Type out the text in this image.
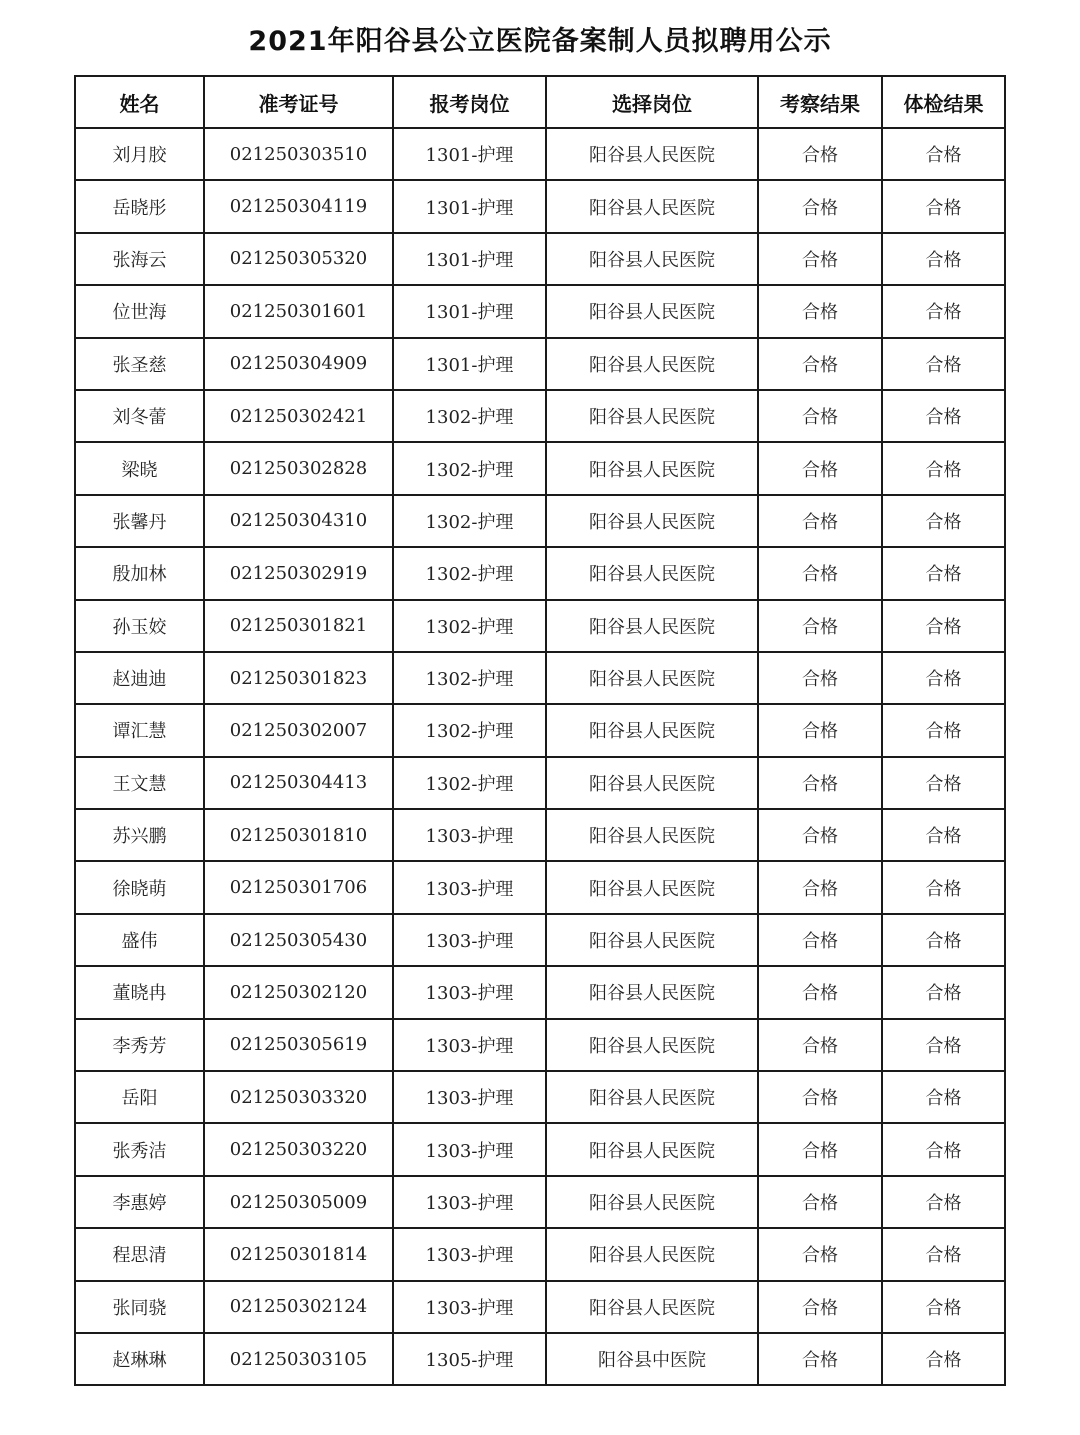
2021年阳谷县公立医院备案制人员拟聘用公示
姓名	准考证号	报考岗位	选择岗位	考察结果	体检结果
刘月胶	021250303510	1301-护理	阳谷县人民医院	合格	合格
岳晓彤	021250304119	1301-护理	阳谷县人民医院	合格	合格
张海云	021250305320	1301-护理	阳谷县人民医院	合格	合格
位世海	021250301601	1301-护理	阳谷县人民医院	合格	合格
张圣慈	021250304909	1301-护理	阳谷县人民医院	合格	合格
刘冬蕾	021250302421	1302-护理	阳谷县人民医院	合格	合格
梁晓	021250302828	1302-护理	阳谷县人民医院	合格	合格
张馨丹	021250304310	1302-护理	阳谷县人民医院	合格	合格
殷加林	021250302919	1302-护理	阳谷县人民医院	合格	合格
孙玉姣	021250301821	1302-护理	阳谷县人民医院	合格	合格
赵迪迪	021250301823	1302-护理	阳谷县人民医院	合格	合格
谭汇慧	021250302007	1302-护理	阳谷县人民医院	合格	合格
王文慧	021250304413	1302-护理	阳谷县人民医院	合格	合格
苏兴鹏	021250301810	1303-护理	阳谷县人民医院	合格	合格
徐晓萌	021250301706	1303-护理	阳谷县人民医院	合格	合格
盛伟	021250305430	1303-护理	阳谷县人民医院	合格	合格
董晓冉	021250302120	1303-护理	阳谷县人民医院	合格	合格
李秀芳	021250305619	1303-护理	阳谷县人民医院	合格	合格
岳阳	021250303320	1303-护理	阳谷县人民医院	合格	合格
张秀洁	021250303220	1303-护理	阳谷县人民医院	合格	合格
李惠婷	021250305009	1303-护理	阳谷县人民医院	合格	合格
程思清	021250301814	1303-护理	阳谷县人民医院	合格	合格
张同骁	021250302124	1303-护理	阳谷县人民医院	合格	合格
赵琳琳	021250303105	1305-护理	阳谷县中医院	合格	合格
